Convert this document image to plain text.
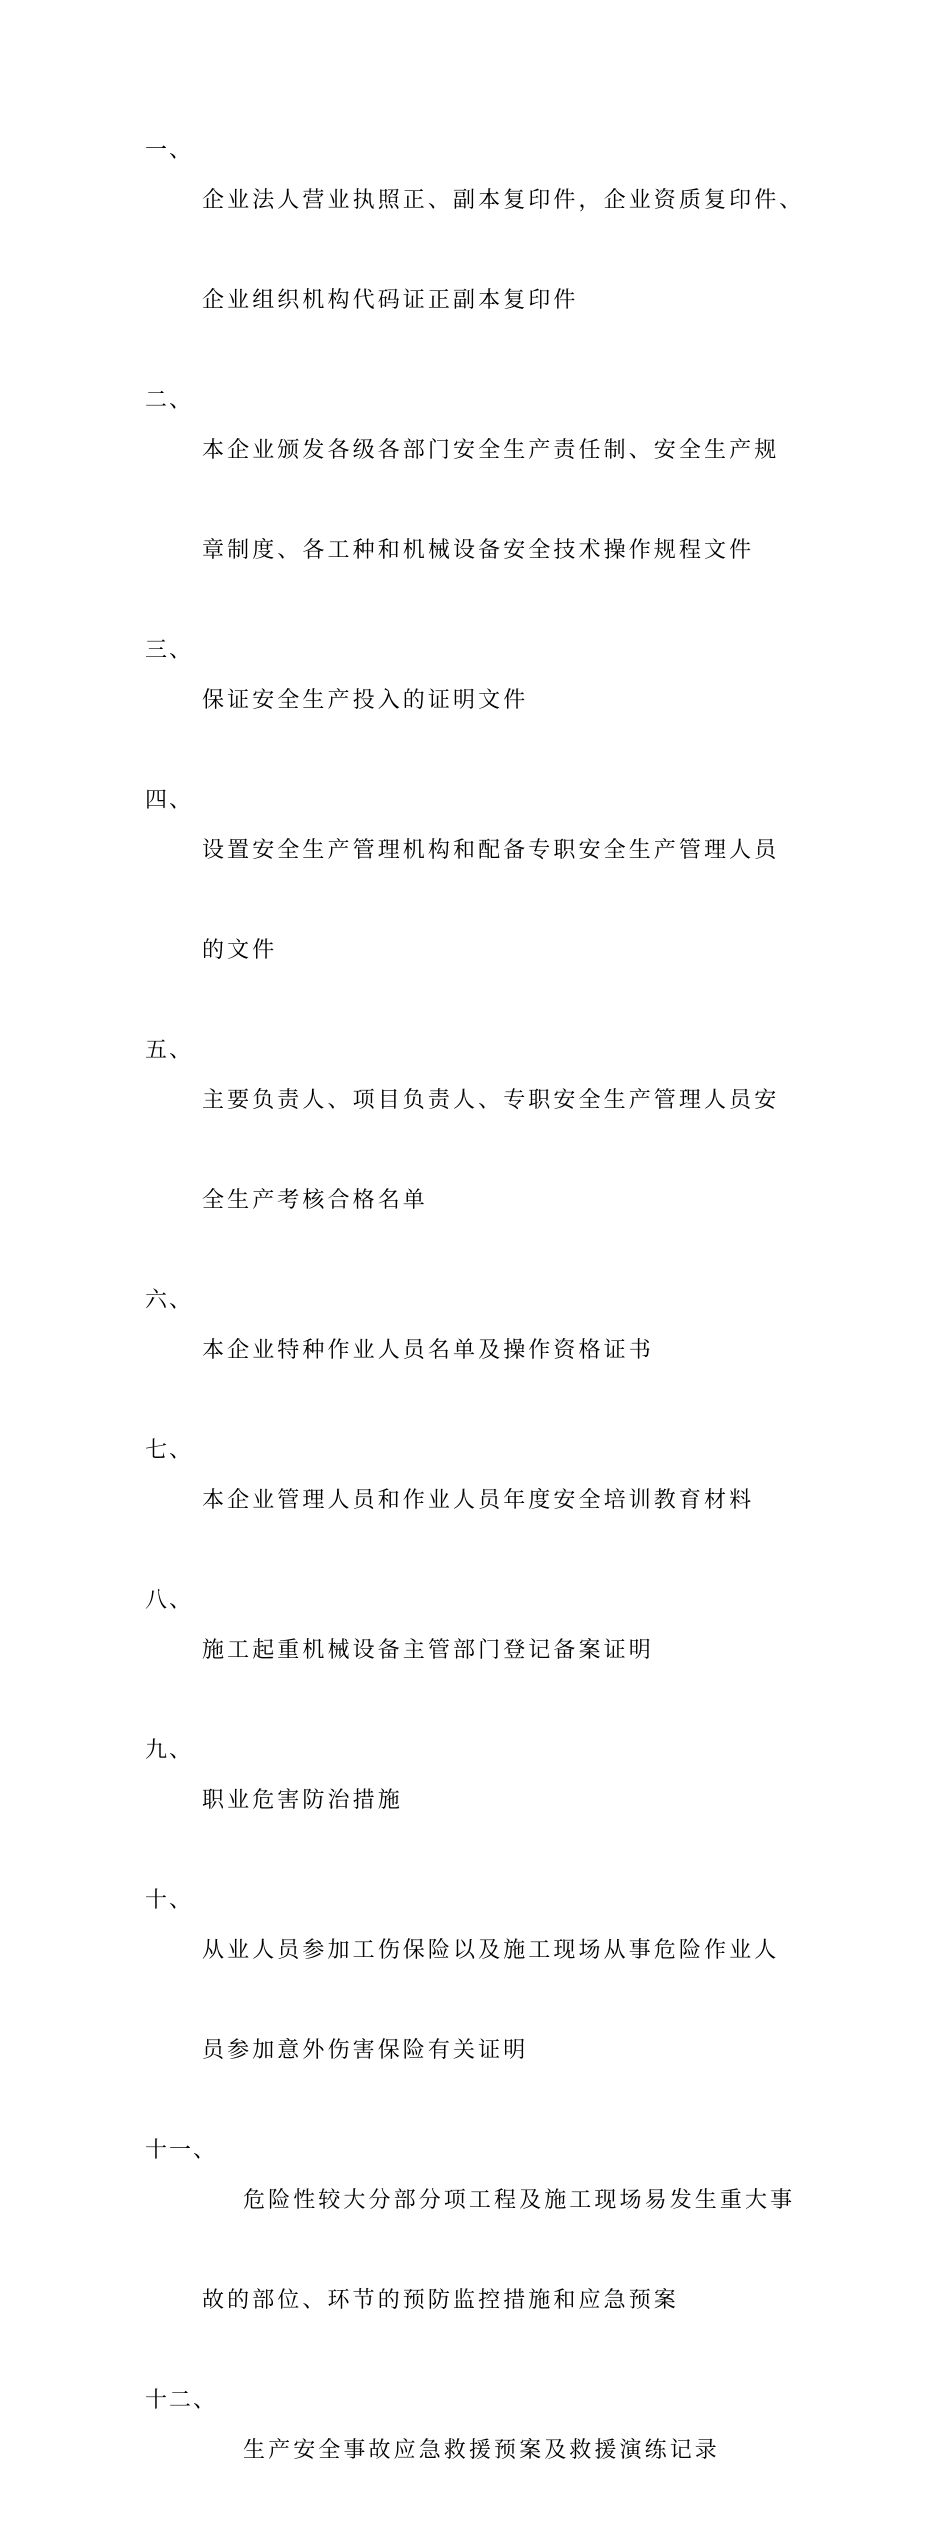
一、

企业法人营业执照正、副本复印件，企业资质复印件、

企业组织机构代码证正副本复印件

二、

本企业颁发各级各部门安全生产责任制、安全生产规

章制度、各工种和机械设备安全技术操作规程文件

三、

保证安全生产投入的证明文件

四、

设置安全生产管理机构和配备专职安全生产管理人员

的文件

五、

主要负责人、项目负责人、专职安全生产管理人员安

全生产考核合格名单

六、

本企业特种作业人员名单及操作资格证书

七、

本企业管理人员和作业人员年度安全培训教育材料

八、

施工起重机械设备主管部门登记备案证明

九、

职业危害防治措施

十、

从业人员参加工伤保险以及施工现场从事危险作业人

员参加意外伤害保险有关证明

十一、

危险性较大分部分项工程及施工现场易发生重大事

故的部位、环节的预防监控措施和应急预案

十二、

生产安全事故应急救援预案及救援演练记录
